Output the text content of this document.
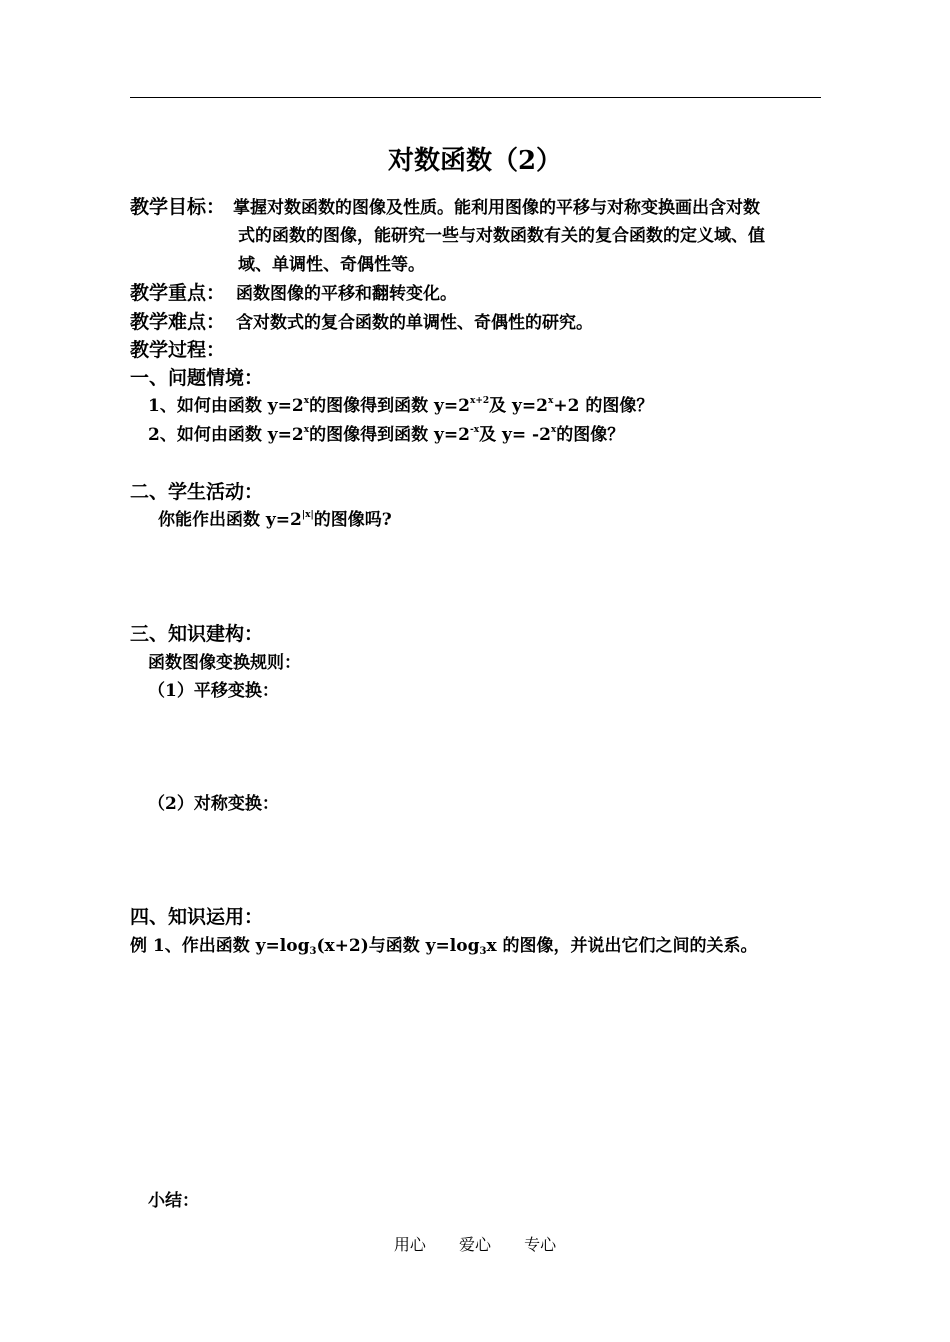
对数函数（2）
教学目标： 掌握对数函数的图像及性质。能利用图像的平移与对称变换画出含对数
式的函数的图像，能研究一些与对数函数有关的复合函数的定义域、值
域、单调性、奇偶性等。
教学重点： 函数图像的平移和翻转变化。
教学难点： 含对数式的复合函数的单调性、奇偶性的研究。
教学过程：
一、问题情境：
1、如何由函数 $y=2^x$的图像得到函数 $y=2^{x+2}$及 $y=2^x+2$ 的图像？
2、如何由函数 $y=2^x$的图像得到函数 $y=2^{-x}$及 $y= -2^x$的图像？
二、学生活动：
你能作出函数 $y=2^{|x|}$的图像吗?
三、知识建构：
函数图像变换规则：
（1）平移变换：
（2）对称变换：
四、知识运用：
例 1、作出函数 $y=\log_3(x+2)$与函数 $y=\log_3x$ 的图像，并说出它们之间的关系。
小结：
用心 爱心 专心
